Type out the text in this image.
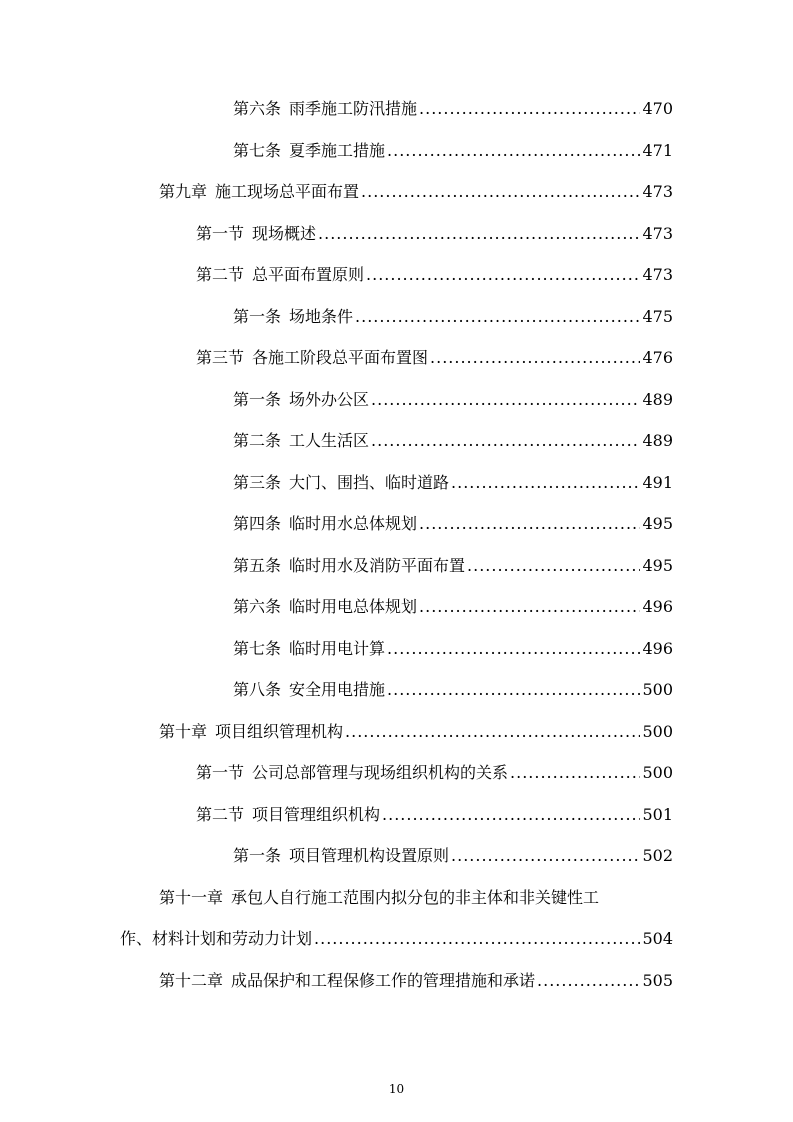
第六条 雨季施工防汛措施 .....	470
第七条 夏季施工措施 .....	471
第九章 施工现场总平面布置 .....	473
第一节 现场概述 .....	473
第二节 总平面布置原则 .....	473
第一条 场地条件 .....	475
第三节 各施工阶段总平面布置图 .....	476
第一条 场外办公区 .....	489
第二条 工人生活区 .....	489
第三条 大门、围挡、临时道路 .....	491
第四条 临时用水总体规划 .....	495
第五条 临时用水及消防平面布置 .....	495
第六条 临时用电总体规划 .....	496
第七条 临时用电计算 .....	496
第八条 安全用电措施 .....	500
第十章 项目组织管理机构 .....	500
第一节 公司总部管理与现场组织机构的关系 .....	500
第二节 项目管理组织机构 .....	501
第一条 项目管理机构设置原则 .....	502
第十一章 承包人自行施工范围内拟分包的非主体和非关键性工
作、材料计划和劳动力计划 .....	504
第十二章 成品保护和工程保修工作的管理措施和承诺 .....	505
10
